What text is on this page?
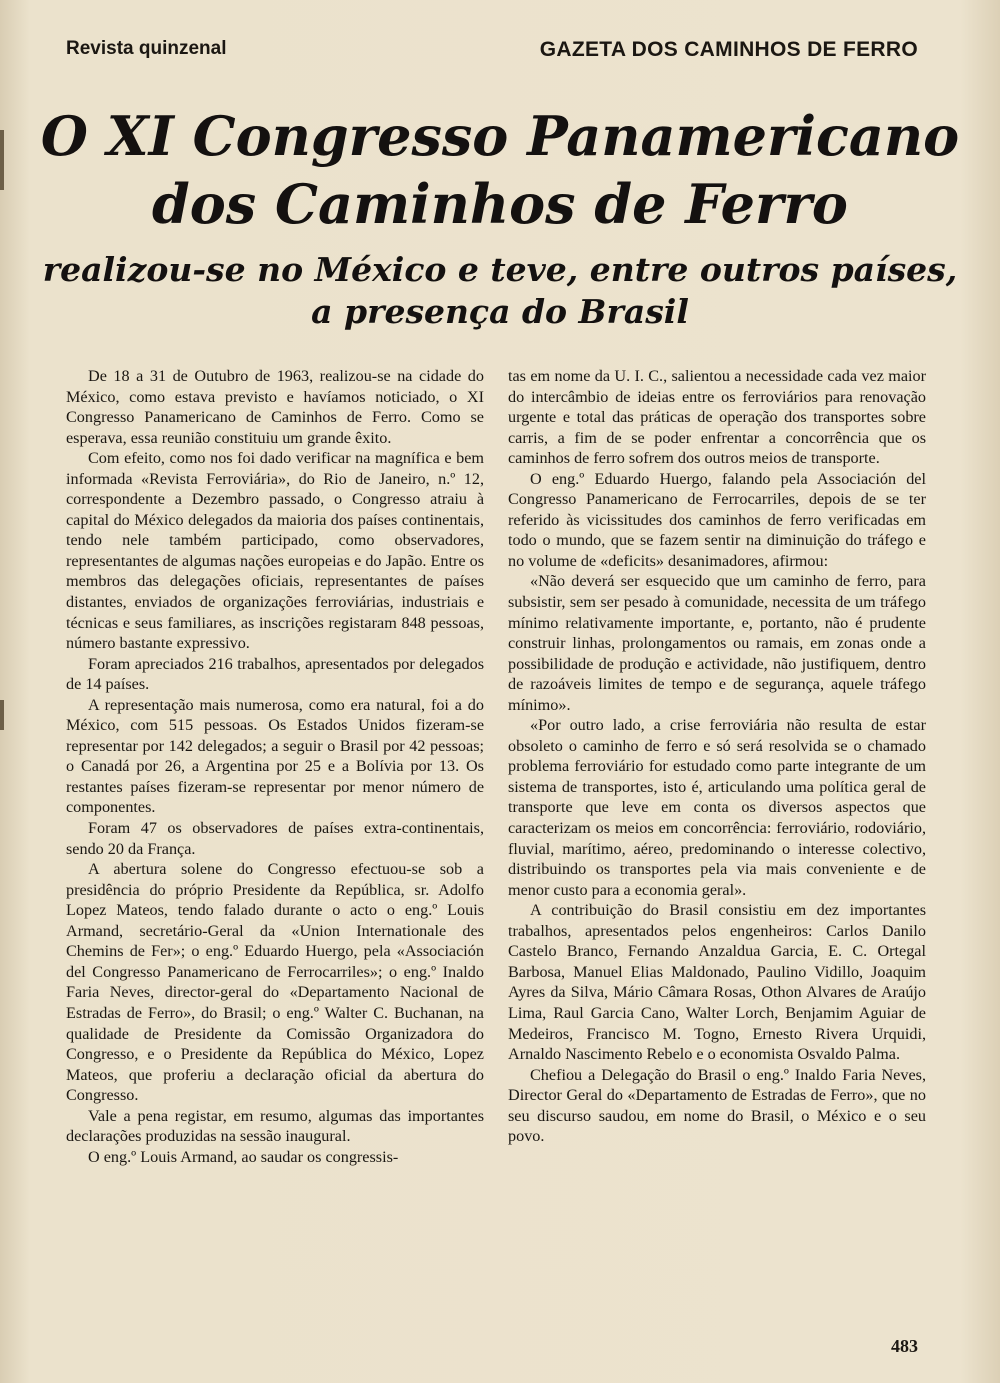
Revista quinzenal	GAZETA DOS CAMINHOS DE FERRO
O XI Congresso Panamericano
dos Caminhos de Ferro
realizou-se no México e teve, entre outros países,
a presença do Brasil

De 18 a 31 de Outubro de 1963, realizou-se na cidade do México, como estava previsto e havíamos noticiado, o XI Congresso Panamericano de Caminhos de Ferro. Como se esperava, essa reunião constituiu um grande êxito.

Com efeito, como nos foi dado verificar na magnífica e bem informada «Revista Ferroviária», do Rio de Janeiro, n.º 12, correspondente a Dezembro passado, o Congresso atraiu à capital do México delegados da maioria dos países continentais, tendo nele também participado, como observadores, representantes de algumas nações europeias e do Japão. Entre os membros das delegações oficiais, representantes de países distantes, enviados de organizações ferroviárias, industriais e técnicas e seus familiares, as inscrições registaram 848 pessoas, número bastante expressivo.

Foram apreciados 216 trabalhos, apresentados por delegados de 14 países.

A representação mais numerosa, como era natural, foi a do México, com 515 pessoas. Os Estados Unidos fizeram-se representar por 142 delegados; a seguir o Brasil por 42 pessoas; o Canadá por 26, a Argentina por 25 e a Bolívia por 13. Os restantes países fizeram-se representar por menor número de componentes.

Foram 47 os observadores de países extra-continentais, sendo 20 da França.

A abertura solene do Congresso efectuou-se sob a presidência do próprio Presidente da República, sr. Adolfo Lopez Mateos, tendo falado durante o acto o eng.º Louis Armand, secretário-Geral da «Union Internationale des Chemins de Fer»; o eng.º Eduardo Huergo, pela «Associación del Congresso Panamericano de Ferrocarriles»; o eng.º Inaldo Faria Neves, director-geral do «Departamento Nacional de Estradas de Ferro», do Brasil; o eng.º Walter C. Buchanan, na qualidade de Presidente da Comissão Organizadora do Congresso, e o Presidente da República do México, Lopez Mateos, que proferiu a declaração oficial da abertura do Congresso.

Vale a pena registar, em resumo, algumas das importantes declarações produzidas na sessão inaugural.

O eng.º Louis Armand, ao saudar os congressis-

tas em nome da U. I. C., salientou a necessidade cada vez maior do intercâmbio de ideias entre os ferroviários para renovação urgente e total das práticas de operação dos transportes sobre carris, a fim de se poder enfrentar a concorrência que os caminhos de ferro sofrem dos outros meios de transporte.

O eng.º Eduardo Huergo, falando pela Associación del Congresso Panamericano de Ferrocarriles, depois de se ter referido às vicissitudes dos caminhos de ferro verificadas em todo o mundo, que se fazem sentir na diminuição do tráfego e no volume de «deficits» desanimadores, afirmou:

«Não deverá ser esquecido que um caminho de ferro, para subsistir, sem ser pesado à comunidade, necessita de um tráfego mínimo relativamente importante, e, portanto, não é prudente construir linhas, prolongamentos ou ramais, em zonas onde a possibilidade de produção e actividade, não justifiquem, dentro de razoáveis limites de tempo e de segurança, aquele tráfego mínimo».

«Por outro lado, a crise ferroviária não resulta de estar obsoleto o caminho de ferro e só será resolvida se o chamado problema ferroviário for estudado como parte integrante de um sistema de transportes, isto é, articulando uma política geral de transporte que leve em conta os diversos aspectos que caracterizam os meios em concorrência: ferroviário, rodoviário, fluvial, marítimo, aéreo, predominando o interesse colectivo, distribuindo os transportes pela via mais conveniente e de menor custo para a economia geral».

A contribuição do Brasil consistiu em dez importantes trabalhos, apresentados pelos engenheiros: Carlos Danilo Castelo Branco, Fernando Anzaldua Garcia, E. C. Ortegal Barbosa, Manuel Elias Maldonado, Paulino Vidillo, Joaquim Ayres da Silva, Mário Câmara Rosas, Othon Alvares de Araújo Lima, Raul Garcia Cano, Walter Lorch, Benjamim Aguiar de Medeiros, Francisco M. Togno, Ernesto Rivera Urquidi, Arnaldo Nascimento Rebelo e o economista Osvaldo Palma.

Chefiou a Delegação do Brasil o eng.º Inaldo Faria Neves, Director Geral do «Departamento de Estradas de Ferro», que no seu discurso saudou, em nome do Brasil, o México e o seu povo.

483
